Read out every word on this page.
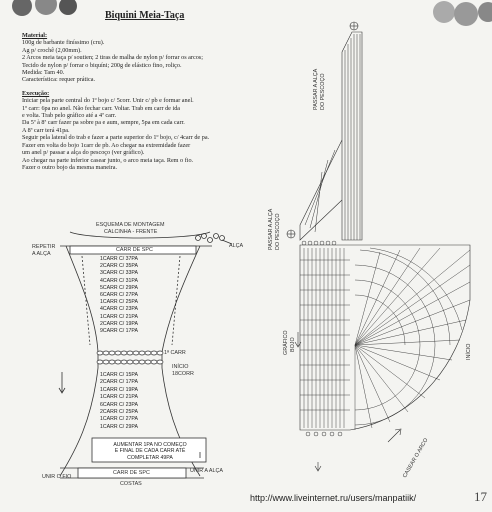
Biquini Meia-Taça

Material:

100g de barbante finíssimo (cru).

Ag p/ crochê (2,00mm).

2 Arcos meia taça p/ soutien; 2 tiras de malha de nylon p/ forrar os arcos;

Tecido de nylon p/ forrar o biquíni; 200g de elástico fino, roliço.

Medida: Tam 40.

Característica: requer prática.

Execução:

Iniciar pela parte central do 1º bojo c/ 5corr. Unir c/ pb e formar anel.

1º carr: 6pa no anel. Não fechar carr. Voltar. Trab em carr de ida

e volta. Trab pelo gráfico até a 4ª carr.

Da 5ª à 8ª carr fazer pa sobre pa e aum, sempre, 5pa em cada carr.

A 8ª carr terá 41pa.

Seguir pela lateral do trab e fazer a parte superior do 1º bojo, c/ 4carr de pa.

Fazer em volta do bojo 1carr de pb. Ao chegar na extremidade fazer

um anel p/ passar a alça do pescoço (ver gráfico).

Ao chegar na parte inferior casear junto, o arco meia taça. Rem o fio.

Fazer o outro bojo da mesma maneira.

ESQUEMA DE MONTAGEM
CALCINHA - FRENTE
CARR DE SPC
ALÇA
REPETIR
A ALÇA
1CARR C/ 37PA
2CARR C/ 35PA
3CARR C/ 33PA
4CARR C/ 31PA
5CARR C/ 29PA
6CARR C/ 27PA
1CARR C/ 25PA
4CARR C/ 23PA
1CARR C/ 21PA
2CARR C/ 19PA
9CARR C/ 17PA
1ª CARR
INÍCIO
18CORR
1CARR C/ 15PA
2CARR C/ 17PA
1CARR C/ 19PA
1CARR C/ 21PA
6CARR C/ 23PA
2CARR C/ 25PA
1CARR C/ 27PA
1CARR C/ 29PA
AUMENTAR 1PA NO COMEÇO
E FINAL DE CADA CARR ATÉ
COMPLETAR 49PA
CARR DE SPC
UNIR O FIO
UNIR A ALÇA
COSTAS
PASSAR A ALÇA DO PESCOÇO
PASSAR A ALÇA DO PESCOÇO
GRÁFICO BOJO	INÍCIO
CASEAR O ARCO
http://www.liveinternet.ru/users/manpatiik/	17
